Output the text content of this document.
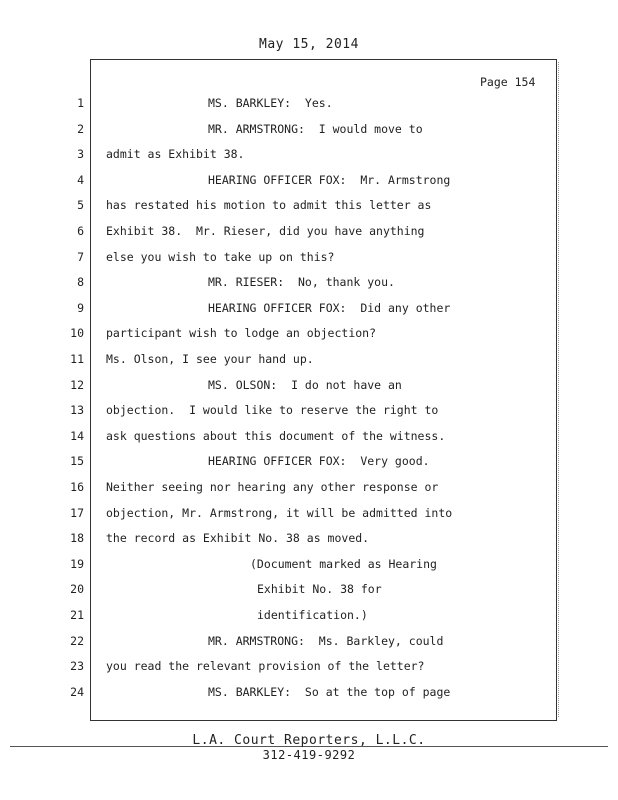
May 15, 2014
Page 154
1	MS. BARKLEY:  Yes.
2	MR. ARMSTRONG:  I would move to
3 admit as Exhibit 38.
4	HEARING OFFICER FOX:  Mr. Armstrong
5 has restated his motion to admit this letter as
6 Exhibit 38.  Mr. Rieser, did you have anything
7 else you wish to take up on this?
8	MR. RIESER:  No, thank you.
9	HEARING OFFICER FOX:  Did any other
10 participant wish to lodge an objection?
11 Ms. Olson, I see your hand up.
12	MS. OLSON:  I do not have an
13 objection.  I would like to reserve the right to
14 ask questions about this document of the witness.
15	HEARING OFFICER FOX:  Very good.
16 Neither seeing nor hearing any other response or
17 objection, Mr. Armstrong, it will be admitted into
18 the record as Exhibit No. 38 as moved.
19	(Document marked as Hearing
20	Exhibit No. 38 for
21	identification.)
22	MR. ARMSTRONG:  Ms. Barkley, could
23 you read the relevant provision of the letter?
24	MS. BARKLEY:  So at the top of page
L.A. Court Reporters, L.L.C.
312-419-9292
